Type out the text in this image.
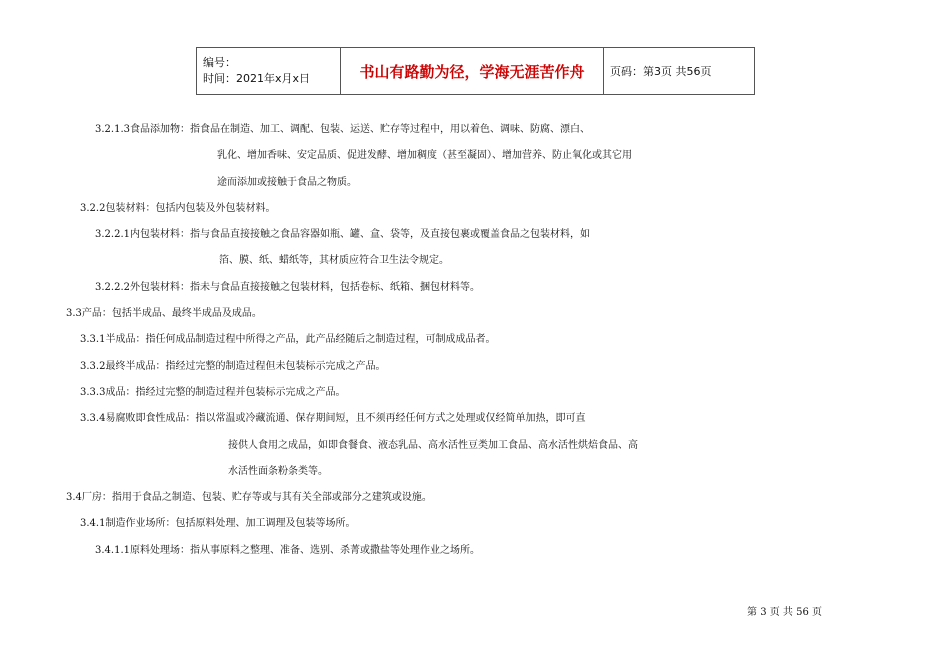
编号：
时间：2021年x月x日	书山有路勤为径，学海无涯苦作舟	页码：第3页 共56页
3.2.1.3食品添加物：指食品在制造、加工、调配、包装、运送、贮存等过程中，用以着色、调味、防腐、漂白、
乳化、增加香味、安定品质、促进发酵、增加稠度（甚至凝固）、增加营养、防止氧化或其它用
途而添加或接触于食品之物质。
3.2.2包装材料：包括内包装及外包装材料。
3.2.2.1内包装材料：指与食品直接接触之食品容器如瓶、罐、盒、袋等，及直接包裹或覆盖食品之包装材料，如
箔、膜、纸、蜡纸等，其材质应符合卫生法令规定。
3.2.2.2外包装材料：指未与食品直接接触之包装材料，包括卷标、纸箱、捆包材料等。
3.3产品：包括半成品、最终半成品及成品。
3.3.1半成品：指任何成品制造过程中所得之产品，此产品经随后之制造过程，可制成成品者。
3.3.2最终半成品：指经过完整的制造过程但未包装标示完成之产品。
3.3.3成品：指经过完整的制造过程并包装标示完成之产品。
3.3.4易腐败即食性成品：指以常温或冷藏流通、保存期间短，且不须再经任何方式之处理或仅经简单加热，即可直
接供人食用之成品，如即食餐食、液态乳品、高水活性豆类加工食品、高水活性烘焙食品、高
水活性面条粉条类等。
3.4厂房：指用于食品之制造、包装、贮存等或与其有关全部或部分之建筑或设施。
3.4.1制造作业场所：包括原料处理、加工调理及包装等场所。
3.4.1.1原料处理场：指从事原料之整理、准备、选别、杀菁或撒盐等处理作业之场所。
第 3 页 共 56 页
